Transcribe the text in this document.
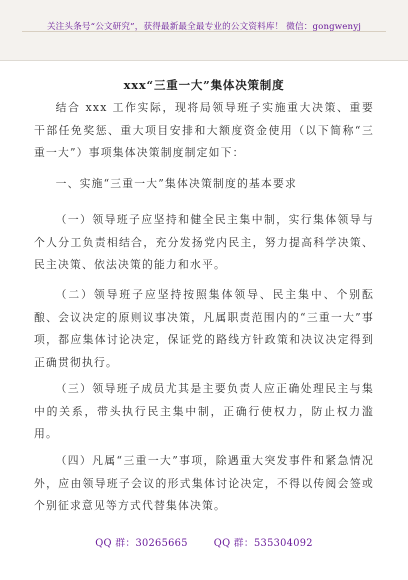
关注头条号“公文研究”，获得最新最全最专业的公文资料库！ 微信：gongwenyj
xxx“三重一大”集体决策制度
结合 xxx 工作实际，现将局领导班子实施重大决策、重要干部任免奖惩、重大项目安排和大额度资金使用（以下简称“三重一大”）事项集体决策制度制定如下：
一、实施“三重一大”集体决策制度的基本要求
（一）领导班子应坚持和健全民主集中制，实行集体领导与个人分工负责相结合，充分发扬党内民主，努力提高科学决策、民主决策、依法决策的能力和水平。
（二）领导班子应坚持按照集体领导、民主集中、个别酝酿、会议决定的原则议事决策，凡属职责范围内的“三重一大”事项，都应集体讨论决定，保证党的路线方针政策和决议决定得到正确贯彻执行。
（三）领导班子成员尤其是主要负责人应正确处理民主与集中的关系，带头执行民主集中制，正确行使权力，防止权力滥用。
（四）凡属“三重一大”事项，除遇重大突发事件和紧急情况外，应由领导班子会议的形式集体讨论决定，不得以传阅会签或个别征求意见等方式代替集体决策。
QQ 群：30265665	QQ 群：535304092
